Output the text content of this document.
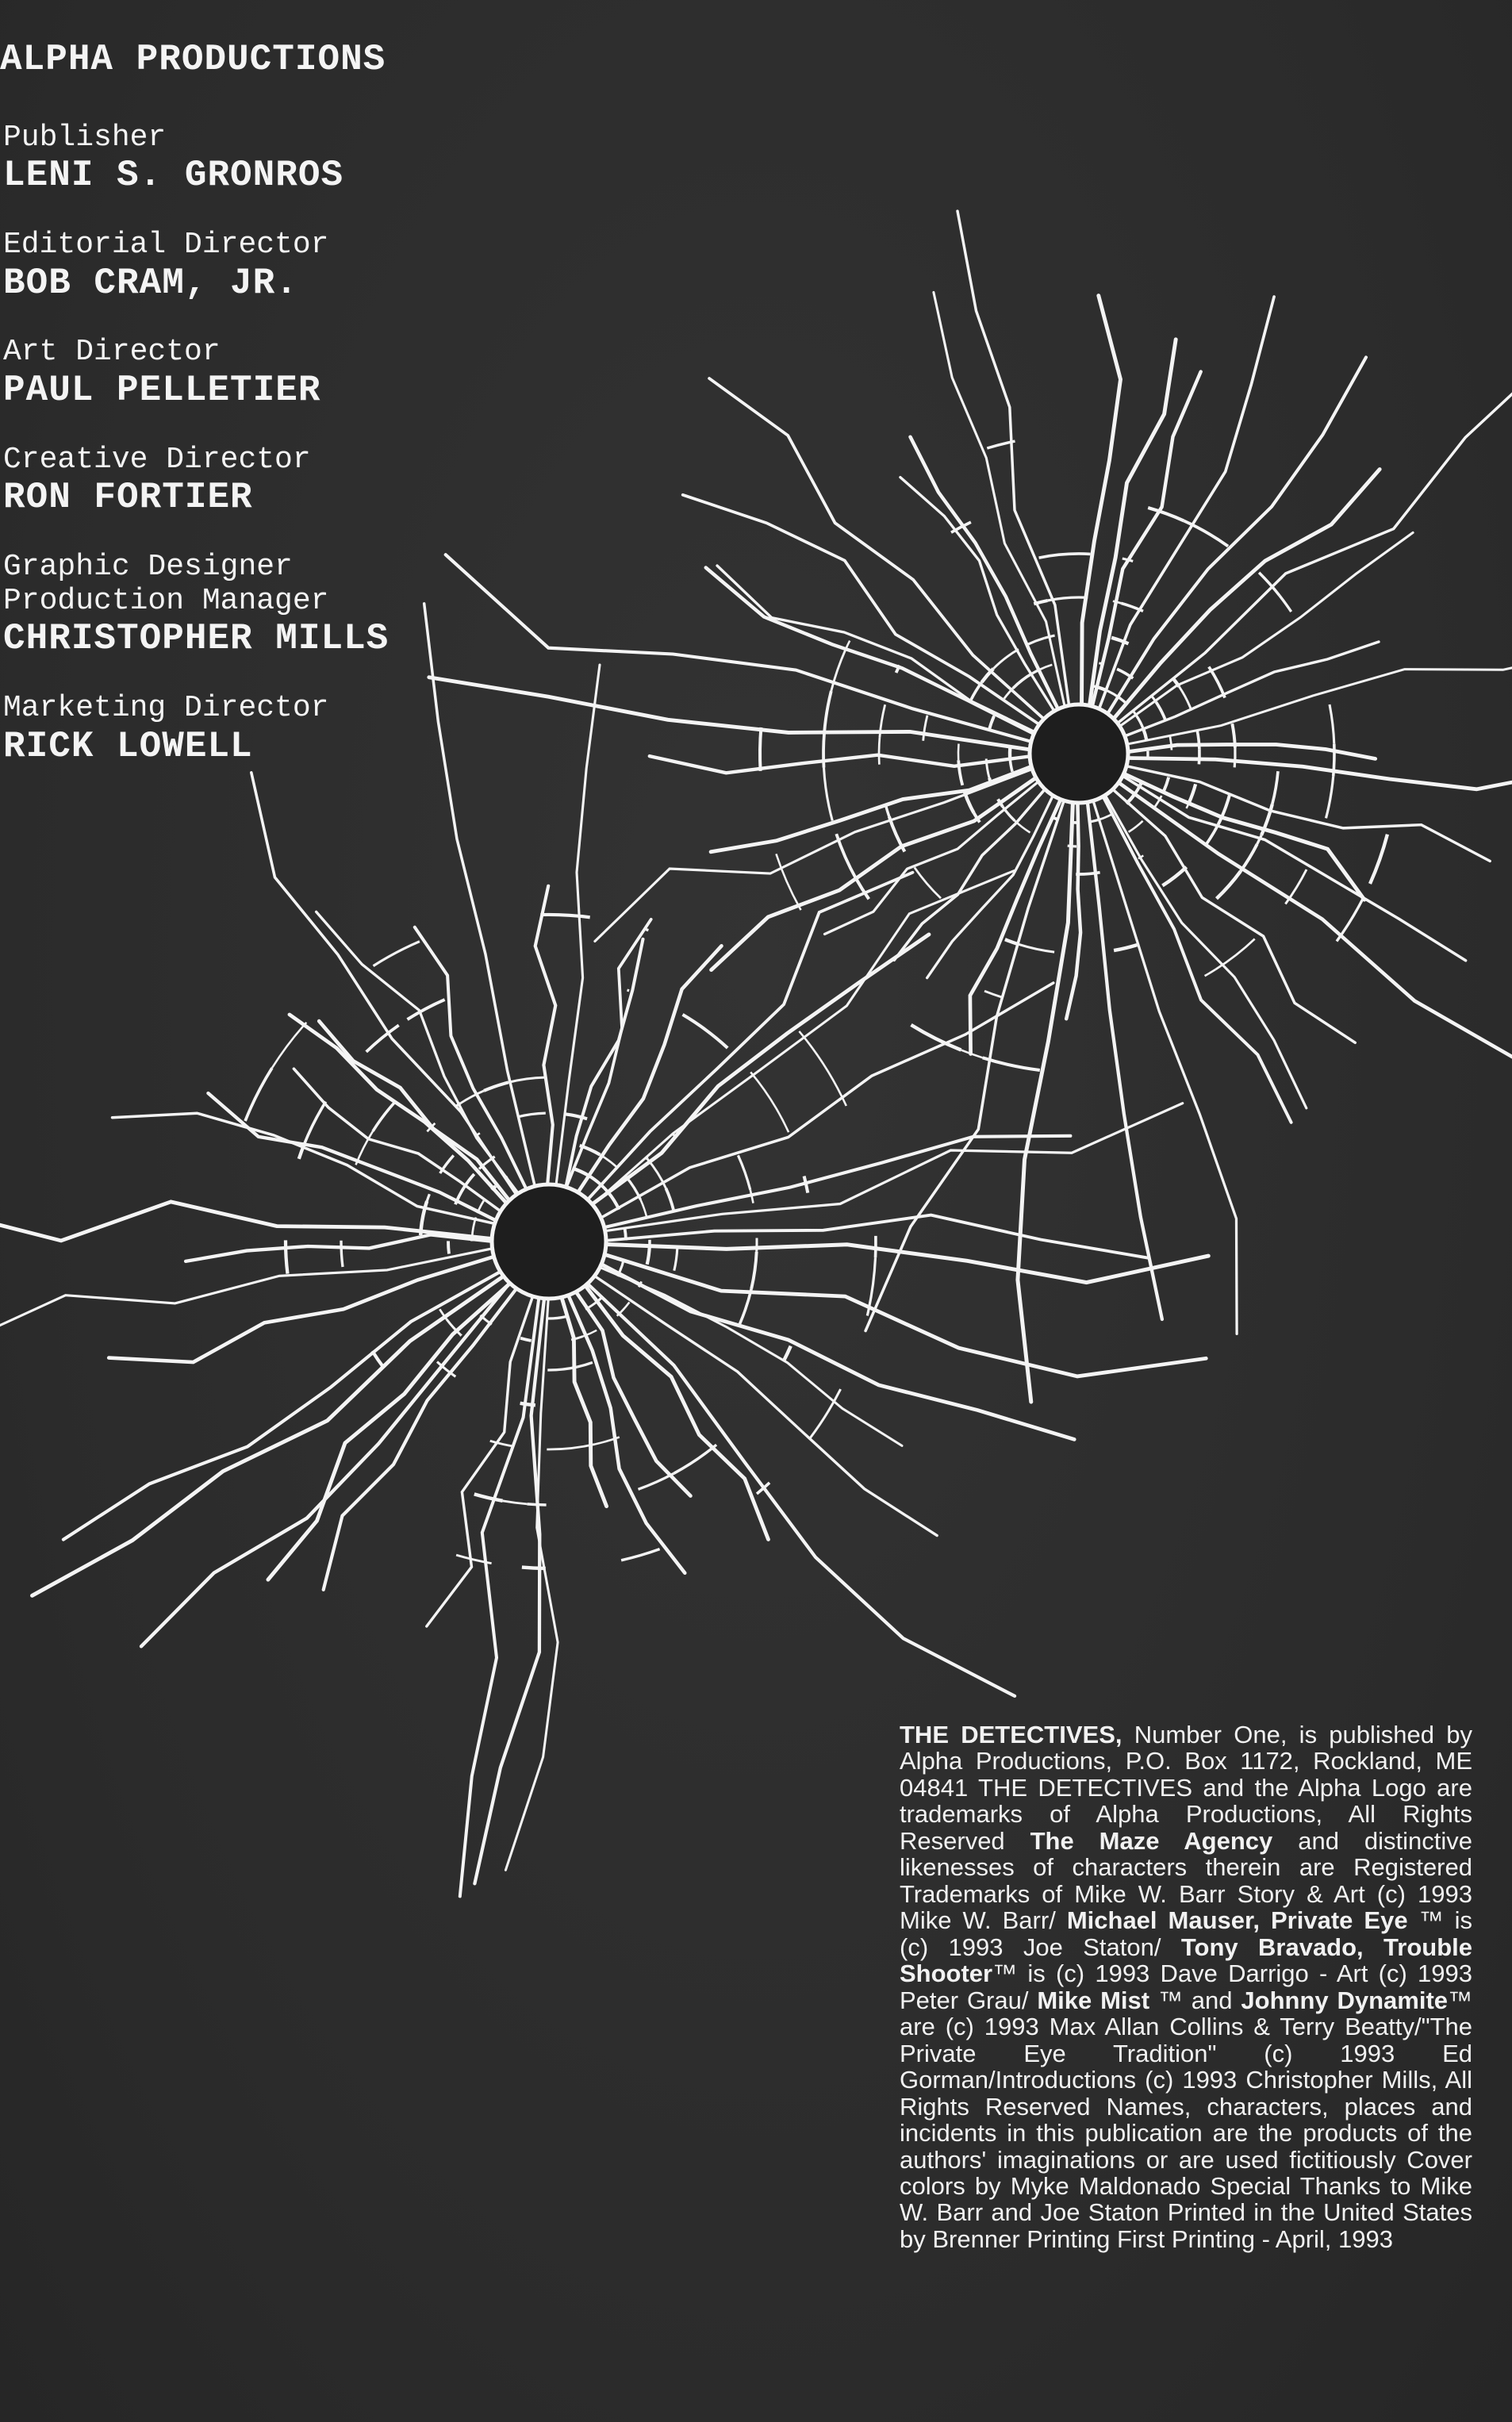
ALPHA PRODUCTIONS
Publisher
LENI S. GRONROS
Editorial Director
BOB CRAM, JR.
Art Director
PAUL PELLETIER
Creative Director
RON FORTIER
Graphic Designer
Production Manager
CHRISTOPHER MILLS
Marketing Director
RICK LOWELL
THE DETECTIVES, Number One, is published by Alpha Productions, P.O. Box 1172, Rockland, ME 04841 THE DETECTIVES and the Alpha Logo are trademarks of Alpha Productions, All Rights Reserved The Maze Agency and distinctive likenesses of characters therein are Registered Trademarks of Mike W. Barr Story & Art (c) 1993 Mike W. Barr/ Michael Mauser, Private Eye ™ is (c) 1993 Joe Staton/ Tony Bravado, Trouble Shooter™ is (c) 1993 Dave Darrigo - Art (c) 1993 Peter Grau/ Mike Mist ™ and Johnny Dynamite™ are (c) 1993 Max Allan Collins & Terry Beatty/"The Private Eye Tradition" (c) 1993 Ed Gorman/Introductions (c) 1993 Christopher Mills, All Rights Reserved Names, characters, places and incidents in this publication are the products of the authors' imaginations or are used fictitiously Cover colors by Myke Maldonado Special Thanks to Mike W. Barr and Joe Staton Printed in the United States by Brenner Printing First Printing - April, 1993
